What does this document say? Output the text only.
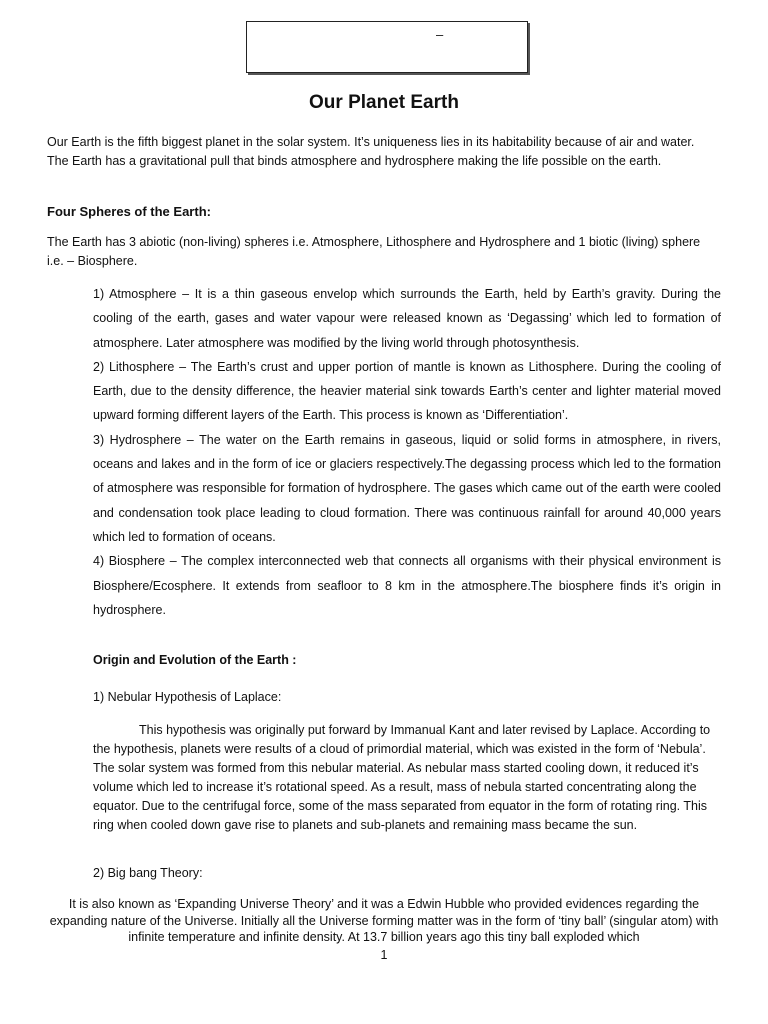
–
Our Planet Earth

Our Earth is the fifth biggest planet in the solar system. It’s uniqueness lies in its habitability because of air and water. The Earth has a gravitational pull that binds atmosphere and hydrosphere making the life possible on the earth.

Four Spheres of the Earth:

The Earth has 3 abiotic (non-living) spheres i.e. Atmosphere, Lithosphere and Hydrosphere and 1 biotic (living) sphere i.e. – Biosphere.

1) Atmosphere – It is a thin gaseous envelop which surrounds the Earth, held by Earth’s gravity. During the cooling of the earth, gases and water vapour were released known as ‘Degassing’ which led to formation of atmosphere. Later atmosphere was modified by the living world through photosynthesis.

2) Lithosphere – The Earth’s crust and upper portion of mantle is known as Lithosphere. During the cooling of Earth, due to the density difference, the heavier material sink towards Earth’s center and lighter material moved upward forming different layers of the Earth. This process is known as ‘Differentiation’.

3) Hydrosphere – The water on the Earth remains in gaseous, liquid or solid forms in atmosphere, in rivers, oceans and lakes and in the form of ice or glaciers respectively.The degassing process which led to the formation of atmosphere was responsible for formation of hydrosphere. The gases which came out of the earth were cooled and condensation took place leading to cloud formation. There was continuous rainfall for around 40,000 years which led to formation of oceans.

4) Biosphere – The complex interconnected web that connects all organisms with their physical environment is Biosphere/Ecosphere. It extends from seafloor to 8 km in the atmosphere.The biosphere finds it’s origin in hydrosphere.

Origin and Evolution of the Earth :

1) Nebular Hypothesis of Laplace:

This hypothesis was originally put forward by Immanual Kant and later revised by Laplace. According to the hypothesis, planets were results of a cloud of primordial material, which was existed in the form of ‘Nebula’. The solar system was formed from this nebular material. As nebular mass started cooling down, it reduced it’s volume which led to increase it’s rotational speed. As a result, mass of nebula started concentrating along the equator. Due to the centrifugal force, some of the mass separated from equator in the form of rotating ring. This ring when cooled down gave rise to planets and sub-planets and remaining mass became the sun.

2) Big bang Theory:

It is also known as ‘Expanding Universe Theory’ and it was a Edwin Hubble who provided evidences regarding the expanding nature of the Universe. Initially all the Universe forming matter was in the form of ‘tiny ball’ (singular atom) with infinite temperature and infinite density. At 13.7 billion years ago this tiny ball exploded which

1
